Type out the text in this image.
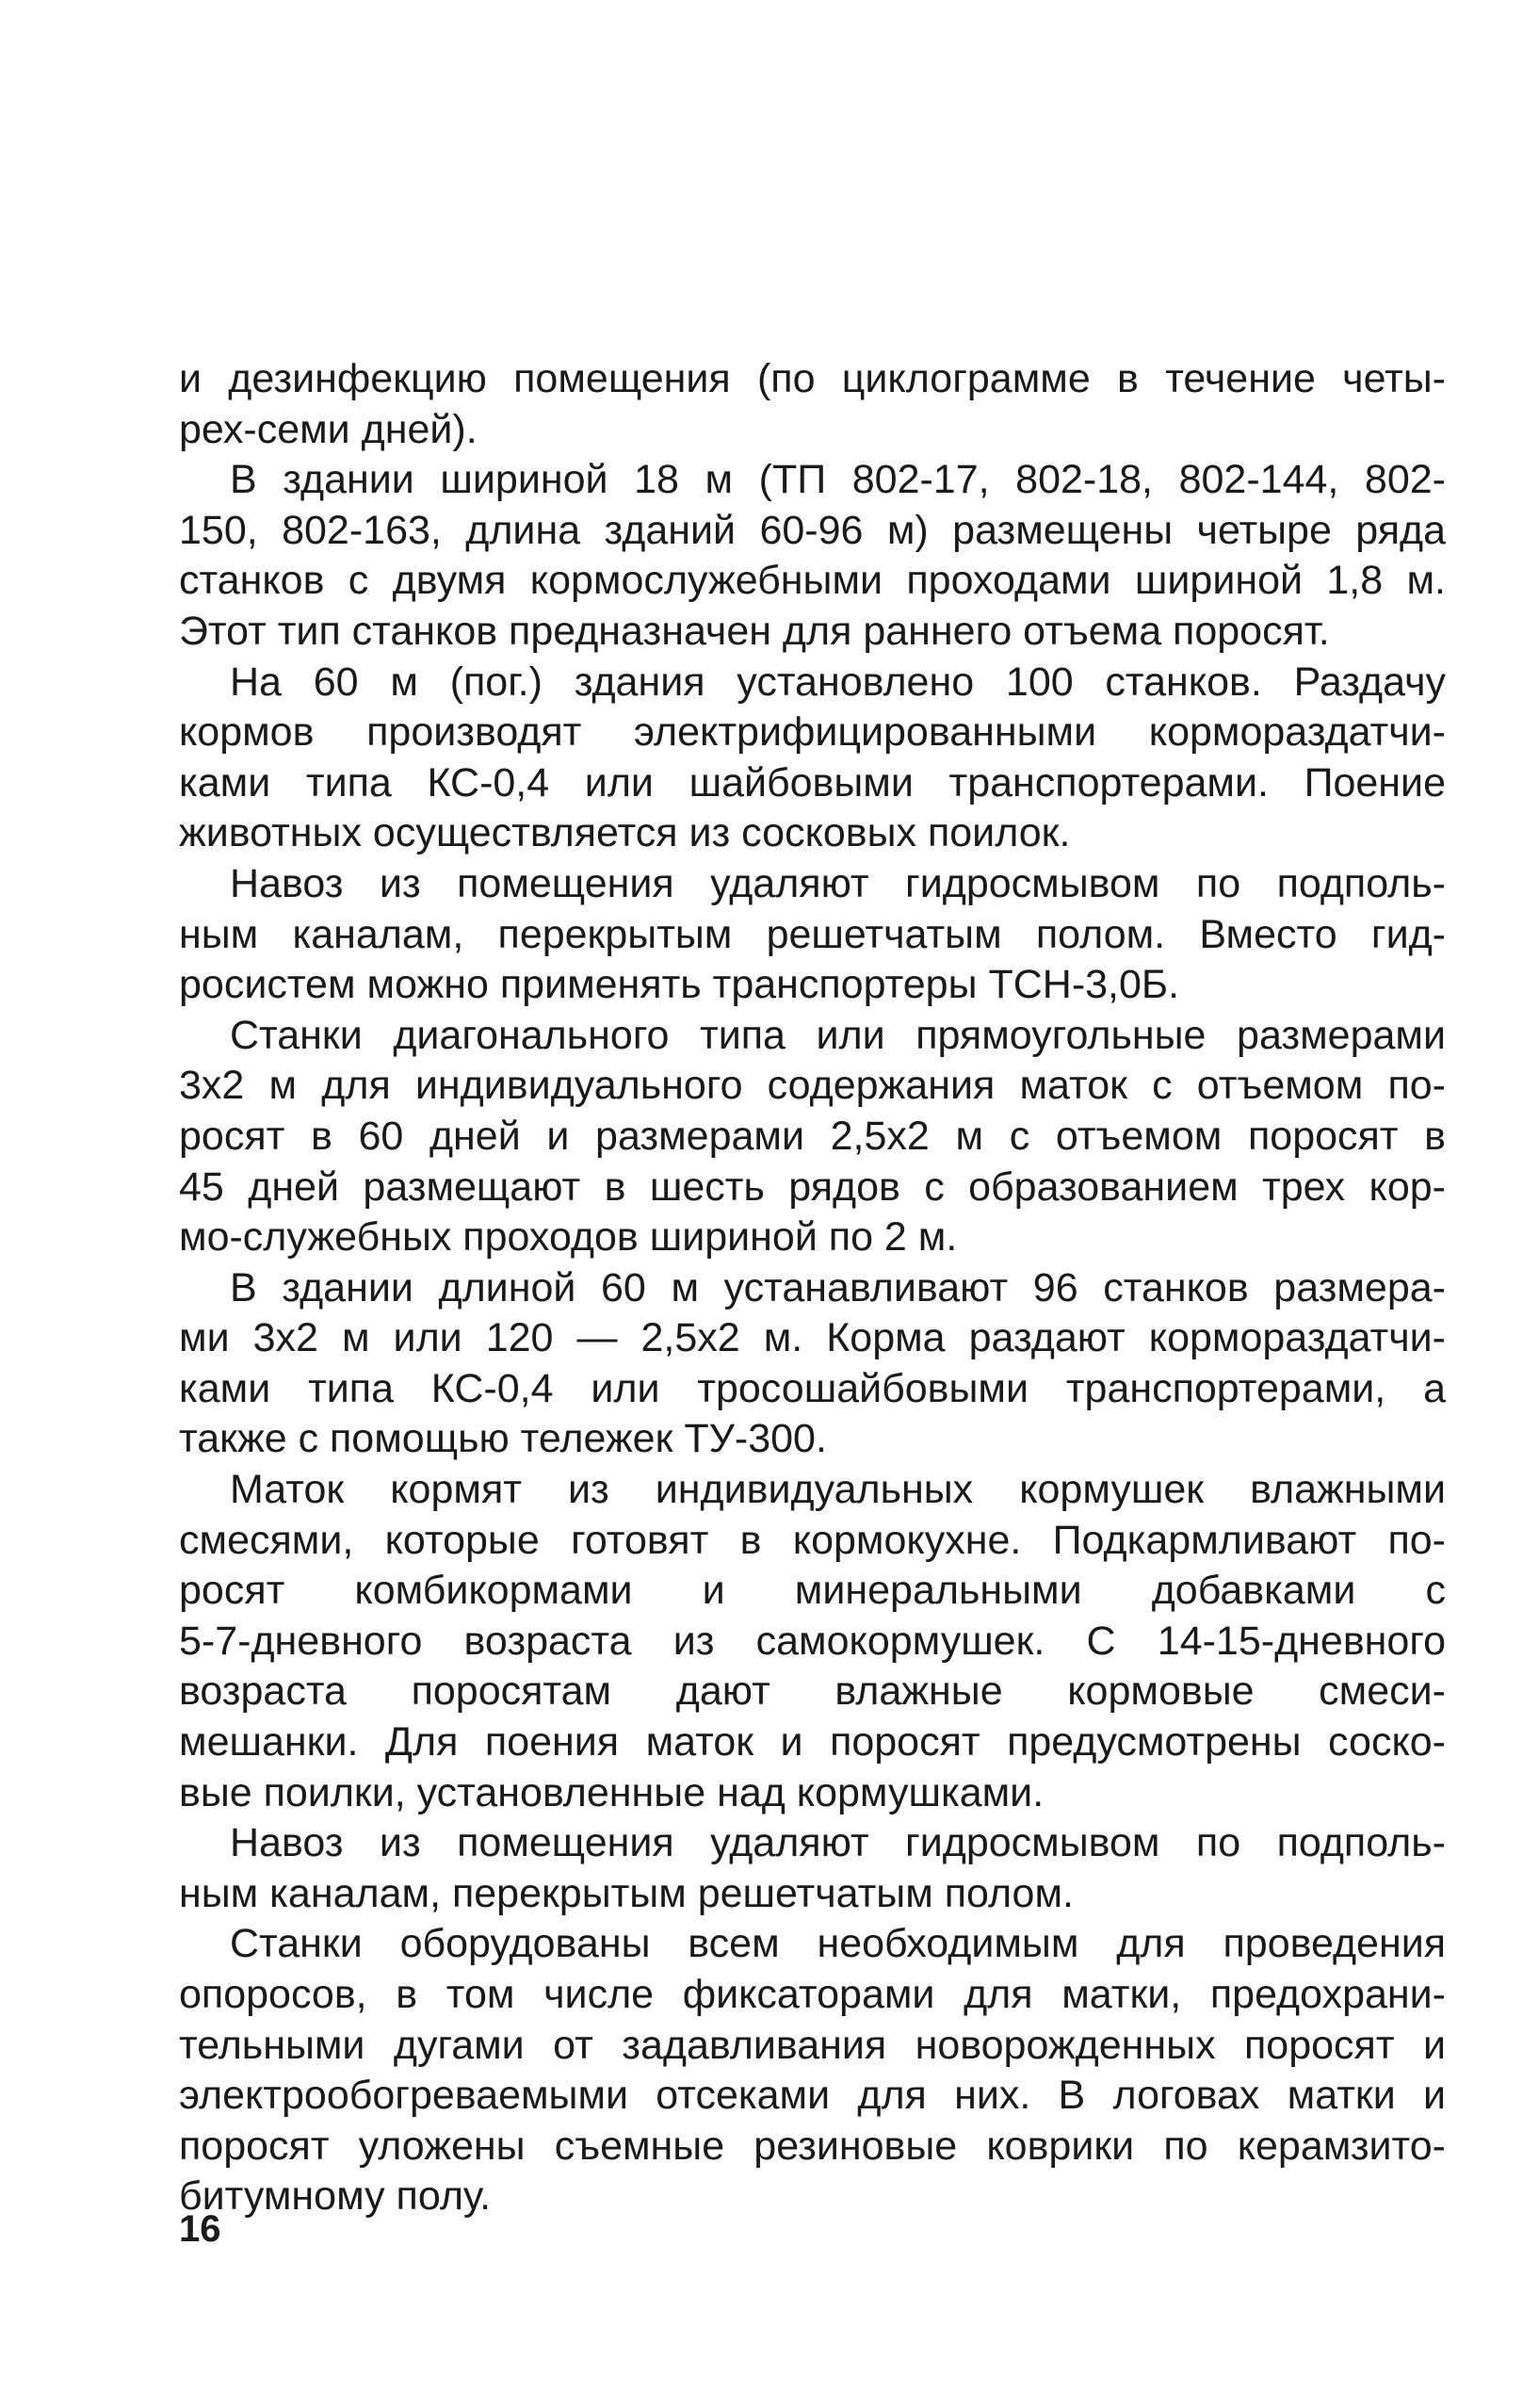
и дезинфекцию помещения (по циклограмме в течение четы-
рех-семи дней).
В здании шириной 18 м (ТП 802-17, 802-18, 802-144, 802-
150, 802-163, длина зданий 60-96 м) размещены четыре ряда
станков с двумя кормослужебными проходами шириной 1,8 м.
Этот тип станков предназначен для раннего отъема поросят.
На 60 м (пог.) здания установлено 100 станков. Раздачу
кормов производят электрифицированными кормораздатчи-
ками типа КС-0,4 или шайбовыми транспортерами. Поение
животных осуществляется из сосковых поилок.
Навоз из помещения удаляют гидросмывом по подполь-
ным каналам, перекрытым решетчатым полом. Вместо гид-
росистем можно применять транспортеры ТСН-3,0Б.
Станки диагонального типа или прямоугольные размерами
3х2 м для индивидуального содержания маток с отъемом по-
росят в 60 дней и размерами 2,5х2 м с отъемом поросят в
45 дней размещают в шесть рядов с образованием трех кор-
мо-служебных проходов шириной по 2 м.
В здании длиной 60 м устанавливают 96 станков размера-
ми 3х2 м или 120 — 2,5х2 м. Корма раздают кормораздатчи-
ками типа КС-0,4 или тросошайбовыми транспортерами, а
также с помощью тележек ТУ-300.
Маток кормят из индивидуальных кормушек влажными
смесями, которые готовят в кормокухне. Подкармливают по-
росят комбикормами и минеральными добавками с
5-7-дневного возраста из самокормушек. С 14-15-дневного
возраста поросятам дают влажные кормовые смеси-
мешанки. Для поения маток и поросят предусмотрены соско-
вые поилки, установленные над кормушками.
Навоз из помещения удаляют гидросмывом по подполь-
ным каналам, перекрытым решетчатым полом.
Станки оборудованы всем необходимым для проведения
опоросов, в том числе фиксаторами для матки, предохрани-
тельными дугами от задавливания новорожденных поросят и
электрообогреваемыми отсеками для них. В логовах матки и
поросят уложены съемные резиновые коврики по керамзито-
битумному полу.
16
